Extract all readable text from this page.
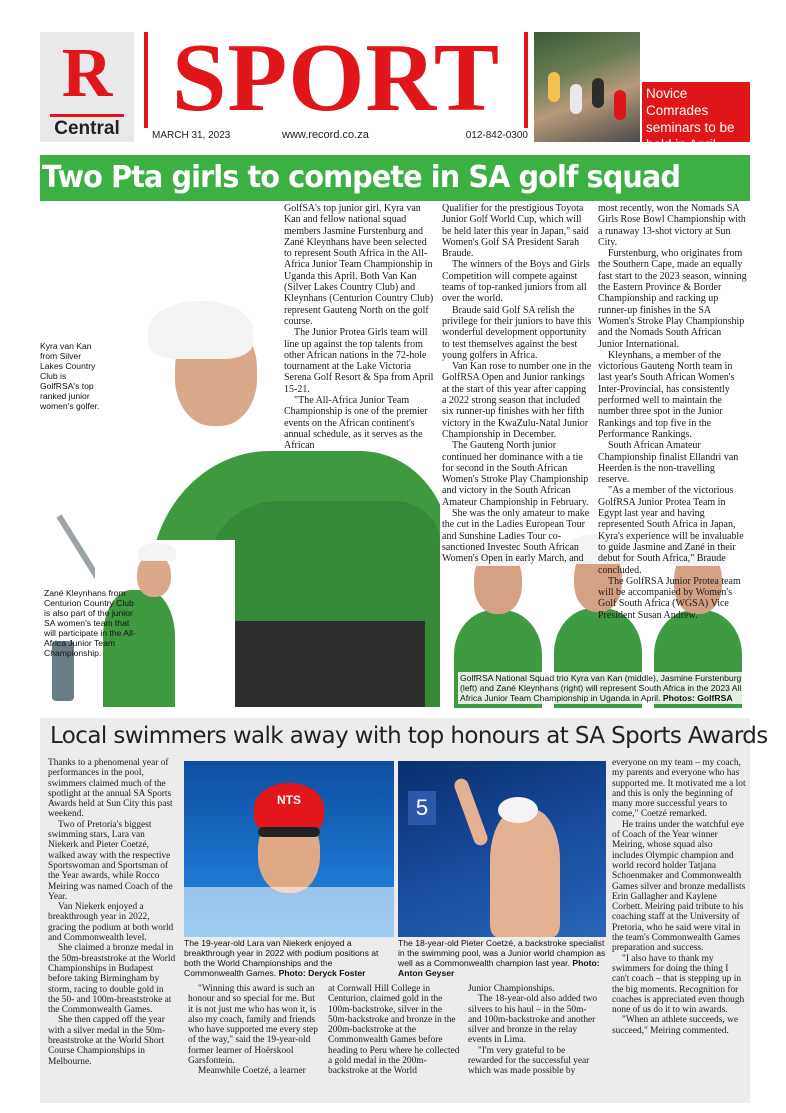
R
Central SPORT
MARCH 31, 2023	www.record.co.za	012-842-0300
Novice Comrades seminars to be held in April
Two Pta girls to compete in SA golf squad
Kyra van Kan from Silver Lakes Country Club is GolfRSA's top ranked junior women's golfer.
Zané Kleynhans from Centurion Country Club is also part of the junior SA women's team that will participate in the All-Africa Junior Team Championship.
GolfRSA National Squad trio Kyra van Kan (middle), Jasmine Furstenburg (left) and Zané Kleynhans (right) will represent South Africa in the 2023 All Africa Junior Team Championship in Uganda in April. Photos: GolfRSA

GolfSA's top junior girl, Kyra van Kan and fellow national squad members Jasmine Furstenburg and Zané Kleynhans have been selected to represent South Africa in the All-Africa Junior Team Championship in Uganda this April. Both Van Kan (Silver Lakes Country Club) and Kleynhans (Centurion Country Club) represent Gauteng North on the golf course.

The Junior Protea Girls team will line up against the top talents from other African nations in the 72-hole tournament at the Lake Victoria Serena Golf Resort & Spa from April 15-21.

"The All-Africa Junior Team Championship is one of the premier events on the African continent's annual schedule, as it serves as the African

Qualifier for the prestigious Toyota Junior Golf World Cup, which will be held later this year in Japan," said Women's Golf SA President Sarah Braude.

The winners of the Boys and Girls Competition will compete against teams of top-ranked juniors from all over the world.

Braude said Golf SA relish the privilege for their juniors to have this wonderful development opportunity to test themselves against the best young golfers in Africa.

Van Kan rose to number one in the GolfRSA Open and Junior rankings at the start of this year after capping a 2022 strong season that included six runner-up finishes with her fifth victory in the KwaZulu-Natal Junior Championship in December.

The Gauteng North junior continued her dominance with a tie for second in the South African Women's Stroke Play Championship and victory in the South African Amateur Championship in February.

She was the only amateur to make the cut in the Ladies European Tour and Sunshine Ladies Tour co-sanctioned Investec South African Women's Open in early March, and

most recently, won the Nomads SA Girls Rose Bowl Championship with a runaway 13-shot victory at Sun City.

Furstenburg, who originates from the Southern Cape, made an equally fast start to the 2023 season, winning the Eastern Province & Border Championship and racking up runner-up finishes in the SA Women's Stroke Play Championship and the Nomads South African Junior International.

Kleynhans, a member of the victorious Gauteng North team in last year's South African Women's Inter-Provincial, has consistently performed well to maintain the number three spot in the Junior Rankings and top five in the Performance Rankings.

South African Amateur Championship finalist Ellandri van Heerden is the non-travelling reserve.

"As a member of the victorious GolfRSA Junior Protea Team in Egypt last year and having represented South Africa in Japan, Kyra's experience will be invaluable to guide Jasmine and Zané in their debut for South Africa," Braude concluded.

The GolfRSA Junior Protea team will be accompanied by Women's Golf South Africa (WGSA) Vice President Susan Andrew.

Local swimmers walk away with top honours at SA Sports Awards

Thanks to a phenomenal year of performances in the pool, swimmers claimed much of the spotlight at the annual SA Sports Awards held at Sun City this past weekend.

Two of Pretoria's biggest swimming stars, Lara van Niekerk and Pieter Coetzé, walked away with the respective Sportswoman and Sportsman of the Year awards, while Rocco Meiring was named Coach of the Year.

Van Niekerk enjoyed a breakthrough year in 2022, gracing the podium at both world and Commonwealth level.

She claimed a bronze medal in the 50m-breaststroke at the World Championships in Budapest before taking Birmingham by storm, racing to double gold in the 50- and 100m-breaststroke at the Commonwealth Games.

She then capped off the year with a silver medal in the 50m-breaststroke at the World Short Course Championships in Melbourne.

NTS	5
The 19-year-old Lara van Niekerk enjoyed a breakthrough year in 2022 with podium positions at both the World Championships and the Commonwealth Games. Photo: Deryck Foster
The 18-year-old Pieter Coetzé, a backstroke specialist in the swimming pool, was a Junior world champion as well as a Commonwealth champion last year. Photo: Anton Geyser

"Winning this award is such an honour and so special for me. But it is not just me who has won it, is also my coach, family and friends who have supported me every step of the way," said the 19-year-old former learner of Hoërskool Garsfontein.

Meanwhile Coetzé, a learner

at Cornwall Hill College in Centurion, claimed gold in the 100m-backstroke, silver in the 50m-backstroke and bronze in the 200m-backstroke at the Commonwealth Games before heading to Peru where he collected a gold medal in the 200m-backstroke at the World

Junior Championships.

The 18-year-old also added two silvers to his haul – in the 50m- and 100m-backstroke and another silver and bronze in the relay events in Lima.

"I'm very grateful to be rewarded for the successful year which was made possible by

everyone on my team – my coach, my parents and everyone who has supported me. It motivated me a lot and this is only the beginning of many more successful years to come," Coetzé remarked.

He trains under the watchful eye of Coach of the Year winner Meiring, whose squad also includes Olympic champion and world record holder Tatjana Schoenmaker and Commonwealth Games silver and bronze medallists Erin Gallagher and Kaylene Corbett. Meiring paid tribute to his coaching staff at the University of Pretoria, who he said were vital in the team's Commonwealth Games preparation and success.

"I also have to thank my swimmers for doing the thing I can't coach – that is stepping up in the big moments. Recognition for coaches is appreciated even though none of us do it to win awards.

"When an athlete succeeds, we succeed," Meiring commented.
